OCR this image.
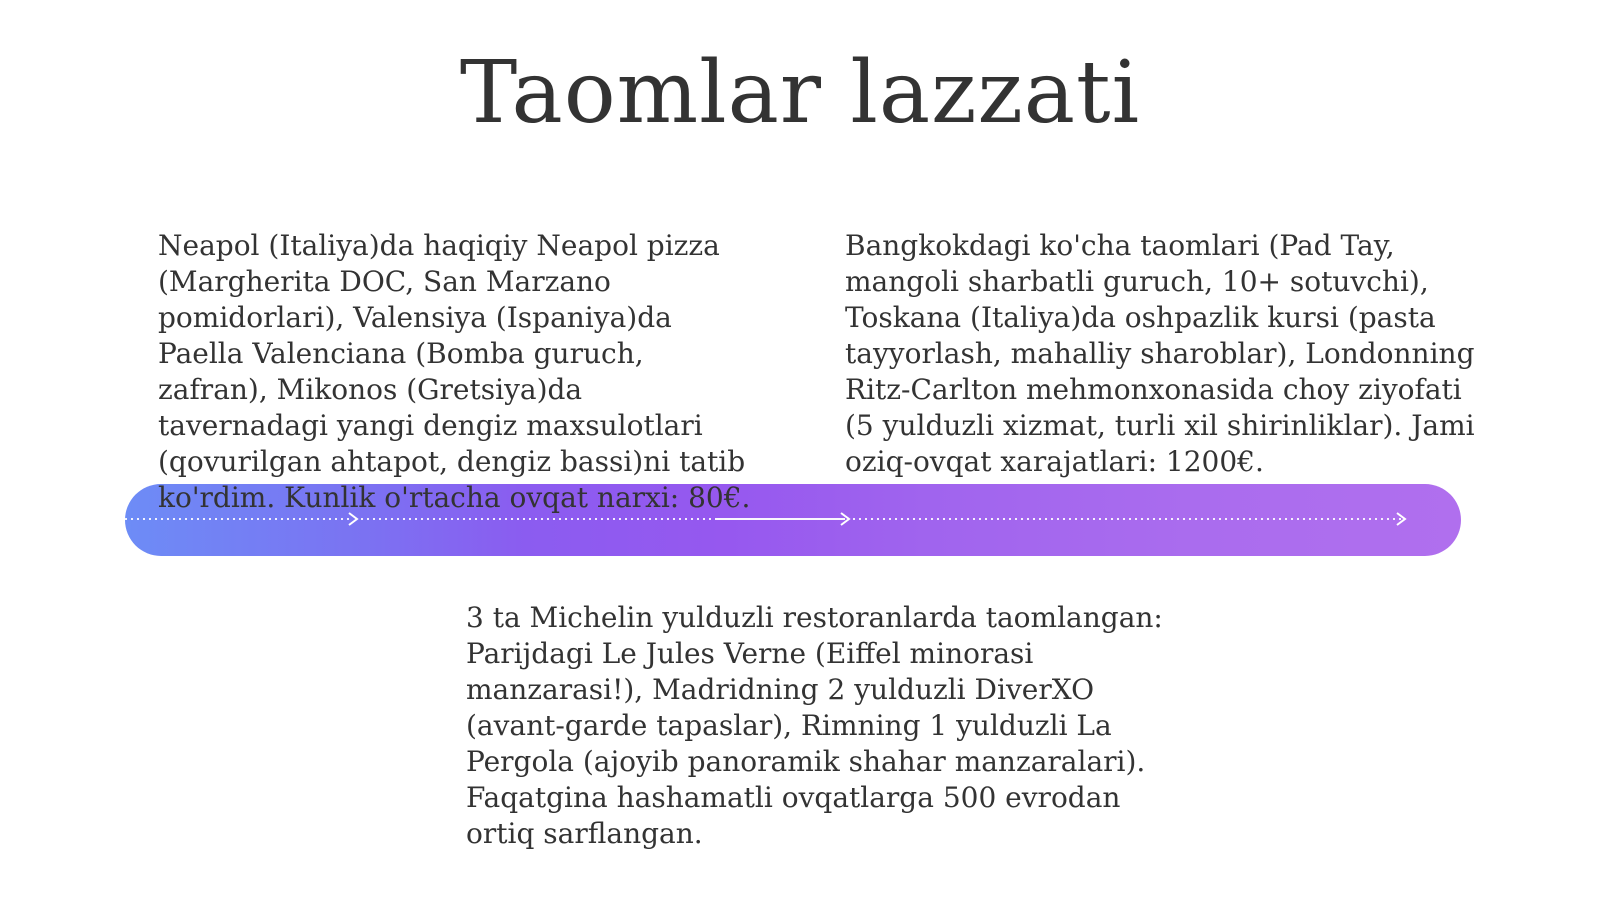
Taomlar lazzati

Neapol (Italiya)da haqiqiy Neapol pizza (Margherita DOC, San Marzano pomidorlari), Valensiya (Ispaniya)da Paella Valenciana (Bomba guruch, zafran), Mikonos (Gretsiya)da tavernadagi yangi dengiz maxsulotlari (qovurilgan ahtapot, dengiz bassi)ni tatib ko'rdim. Kunlik o'rtacha ovqat narxi: 80€.

Bangkokdagi ko'cha taomlari (Pad Tay, mangoli sharbatli guruch, 10+ sotuvchi), Toskana (Italiya)da oshpazlik kursi (pasta tayyorlash, mahalliy sharoblar), Londonning Ritz-Carlton mehmonxonasida choy ziyofati (5 yulduzli xizmat, turli xil shirinliklar). Jami oziq-ovqat xarajatlari: 1200€.

3 ta Michelin yulduzli restoranlarda taomlangan: Parijdagi Le Jules Verne (Eiffel minorasi manzarasi!), Madridning 2 yulduzli DiverXO (avant-garde tapaslar), Rimning 1 yulduzli La Pergola (ajoyib panoramik shahar manzaralari). Faqatgina hashamatli ovqatlarga 500 evrodan ortiq sarflangan.
